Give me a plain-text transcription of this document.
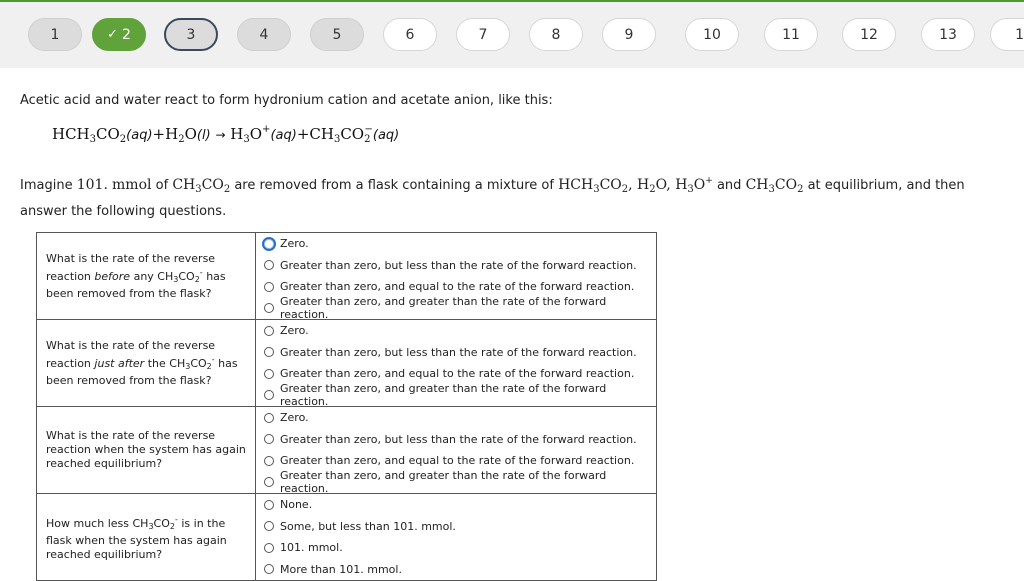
1	✓ 2	3	4	5	6	7	8	9	10	11	12	13	1
Acetic acid and water react to form hydronium cation and acetate anion, like this:
$HCH_3CO_2(aq)+H_2O(l) \to H_3O^+(aq)+CH_3CO_2^-(aq)$
Imagine 101. mmol of $CH_3CO_2$ are removed from a flask containing a mixture of $HCH_3CO_2$, $H_2O$, $H_3O^+$ and $CH_3CO_2$ at equilibrium, and then answer the following questions.
What is the rate of the reverse reaction before any $CH_3CO_2^-$ has been removed from the flask?	Zero.
Greater than zero, but less than the rate of the forward reaction.
Greater than zero, and equal to the rate of the forward reaction.
Greater than zero, and greater than the rate of the forward reaction.

What is the rate of the reverse reaction just after the $CH_3CO_2^-$ has been removed from the flask?	Zero.
Greater than zero, but less than the rate of the forward reaction.
Greater than zero, and equal to the rate of the forward reaction.
Greater than zero, and greater than the rate of the forward reaction.

What is the rate of the reverse reaction when the system has again reached equilibrium?	Zero.
Greater than zero, but less than the rate of the forward reaction.
Greater than zero, and equal to the rate of the forward reaction.
Greater than zero, and greater than the rate of the forward reaction.

How much less $CH_3CO_2^-$ is in the flask when the system has again reached equilibrium?	None.
Some, but less than 101. mmol.
101. mmol.
More than 101. mmol.
